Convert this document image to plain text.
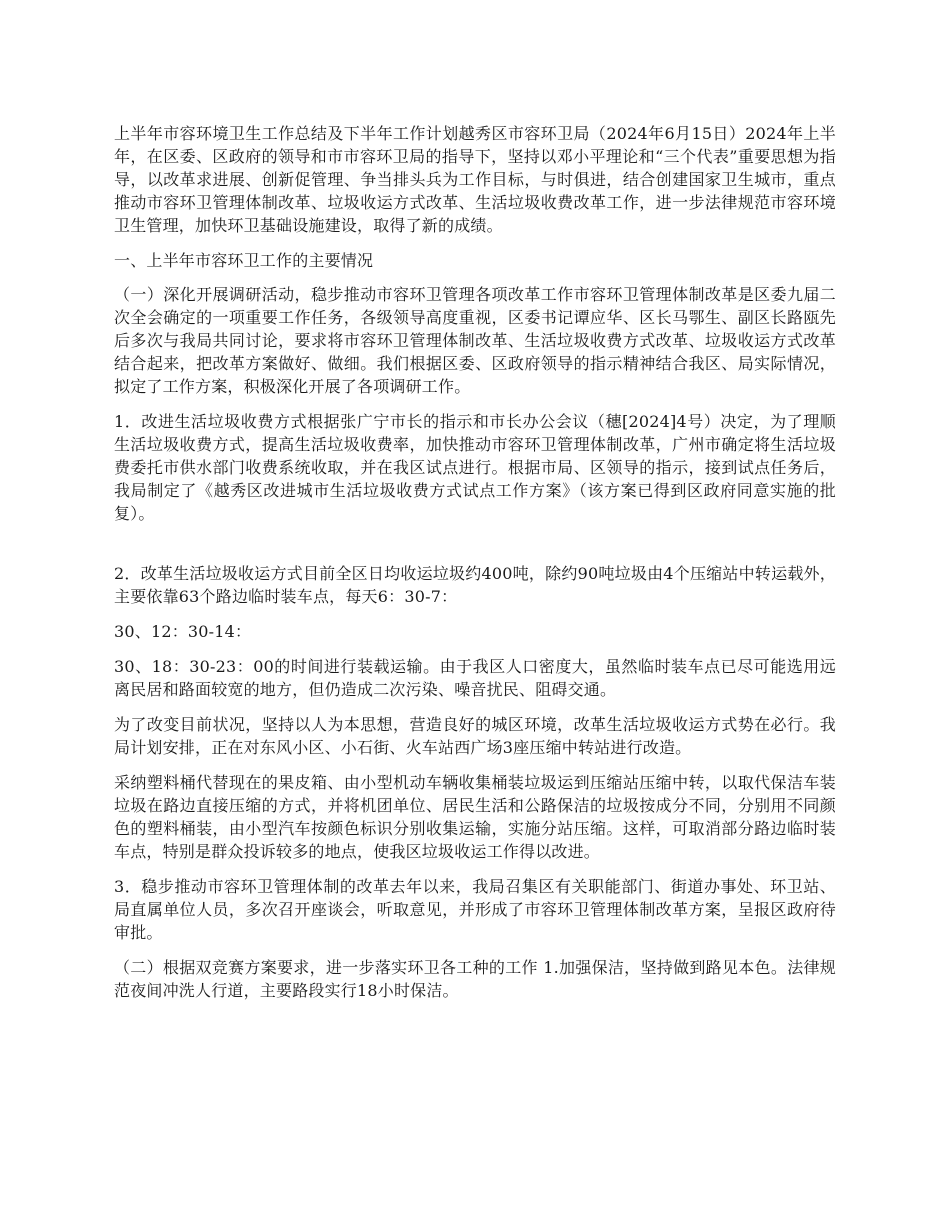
上半年市容环境卫生工作总结及下半年工作计划越秀区市容环卫局（2024年6月15日）2024年上半年，在区委、区政府的领导和市市容环卫局的指导下，坚持以邓小平理论和“三个代表”重要思想为指导，以改革求进展、创新促管理、争当排头兵为工作目标，与时俱进，结合创建国家卫生城市，重点推动市容环卫管理体制改革、垃圾收运方式改革、生活垃圾收费改革工作，进一步法律规范市容环境卫生管理，加快环卫基础设施建设，取得了新的成绩。

一、上半年市容环卫工作的主要情况

（一）深化开展调研活动，稳步推动市容环卫管理各项改革工作市容环卫管理体制改革是区委九届二次全会确定的一项重要工作任务，各级领导高度重视，区委书记谭应华、区长马鄂生、副区长路瓯先后多次与我局共同讨论，要求将市容环卫管理体制改革、生活垃圾收费方式改革、垃圾收运方式改革结合起来，把改革方案做好、做细。我们根据区委、区政府领导的指示精神结合我区、局实际情况，拟定了工作方案，积极深化开展了各项调研工作。

1．改进生活垃圾收费方式根据张广宁市长的指示和市长办公会议（穗[2024]4号）决定，为了理顺生活垃圾收费方式，提高生活垃圾收费率，加快推动市容环卫管理体制改革，广州市确定将生活垃圾费委托市供水部门收费系统收取，并在我区试点进行。根据市局、区领导的指示，接到试点任务后，我局制定了《越秀区改进城市生活垃圾收费方式试点工作方案》（该方案已得到区政府同意实施的批复）。

2．改革生活垃圾收运方式目前全区日均收运垃圾约400吨，除约90吨垃圾由4个压缩站中转运载外，主要依靠63个路边临时装车点，每天6：30-7：

30、12：30-14：

30、18：30-23：00的时间进行装载运输。由于我区人口密度大，虽然临时装车点已尽可能选用远离民居和路面较宽的地方，但仍造成二次污染、噪音扰民、阻碍交通。

为了改变目前状况，坚持以人为本思想，营造良好的城区环境，改革生活垃圾收运方式势在必行。我局计划安排，正在对东风小区、小石街、火车站西广场3座压缩中转站进行改造。

采纳塑料桶代替现在的果皮箱、由小型机动车辆收集桶装垃圾运到压缩站压缩中转，以取代保洁车装垃圾在路边直接压缩的方式，并将机团单位、居民生活和公路保洁的垃圾按成分不同，分别用不同颜色的塑料桶装，由小型汽车按颜色标识分别收集运输，实施分站压缩。这样，可取消部分路边临时装车点，特别是群众投诉较多的地点，使我区垃圾收运工作得以改进。

3．稳步推动市容环卫管理体制的改革去年以来，我局召集区有关职能部门、街道办事处、环卫站、局直属单位人员，多次召开座谈会，听取意见，并形成了市容环卫管理体制改革方案，呈报区政府待审批。

（二）根据双竞赛方案要求，进一步落实环卫各工种的工作 1.加强保洁，坚持做到路见本色。法律规范夜间冲洗人行道，主要路段实行18小时保洁。
